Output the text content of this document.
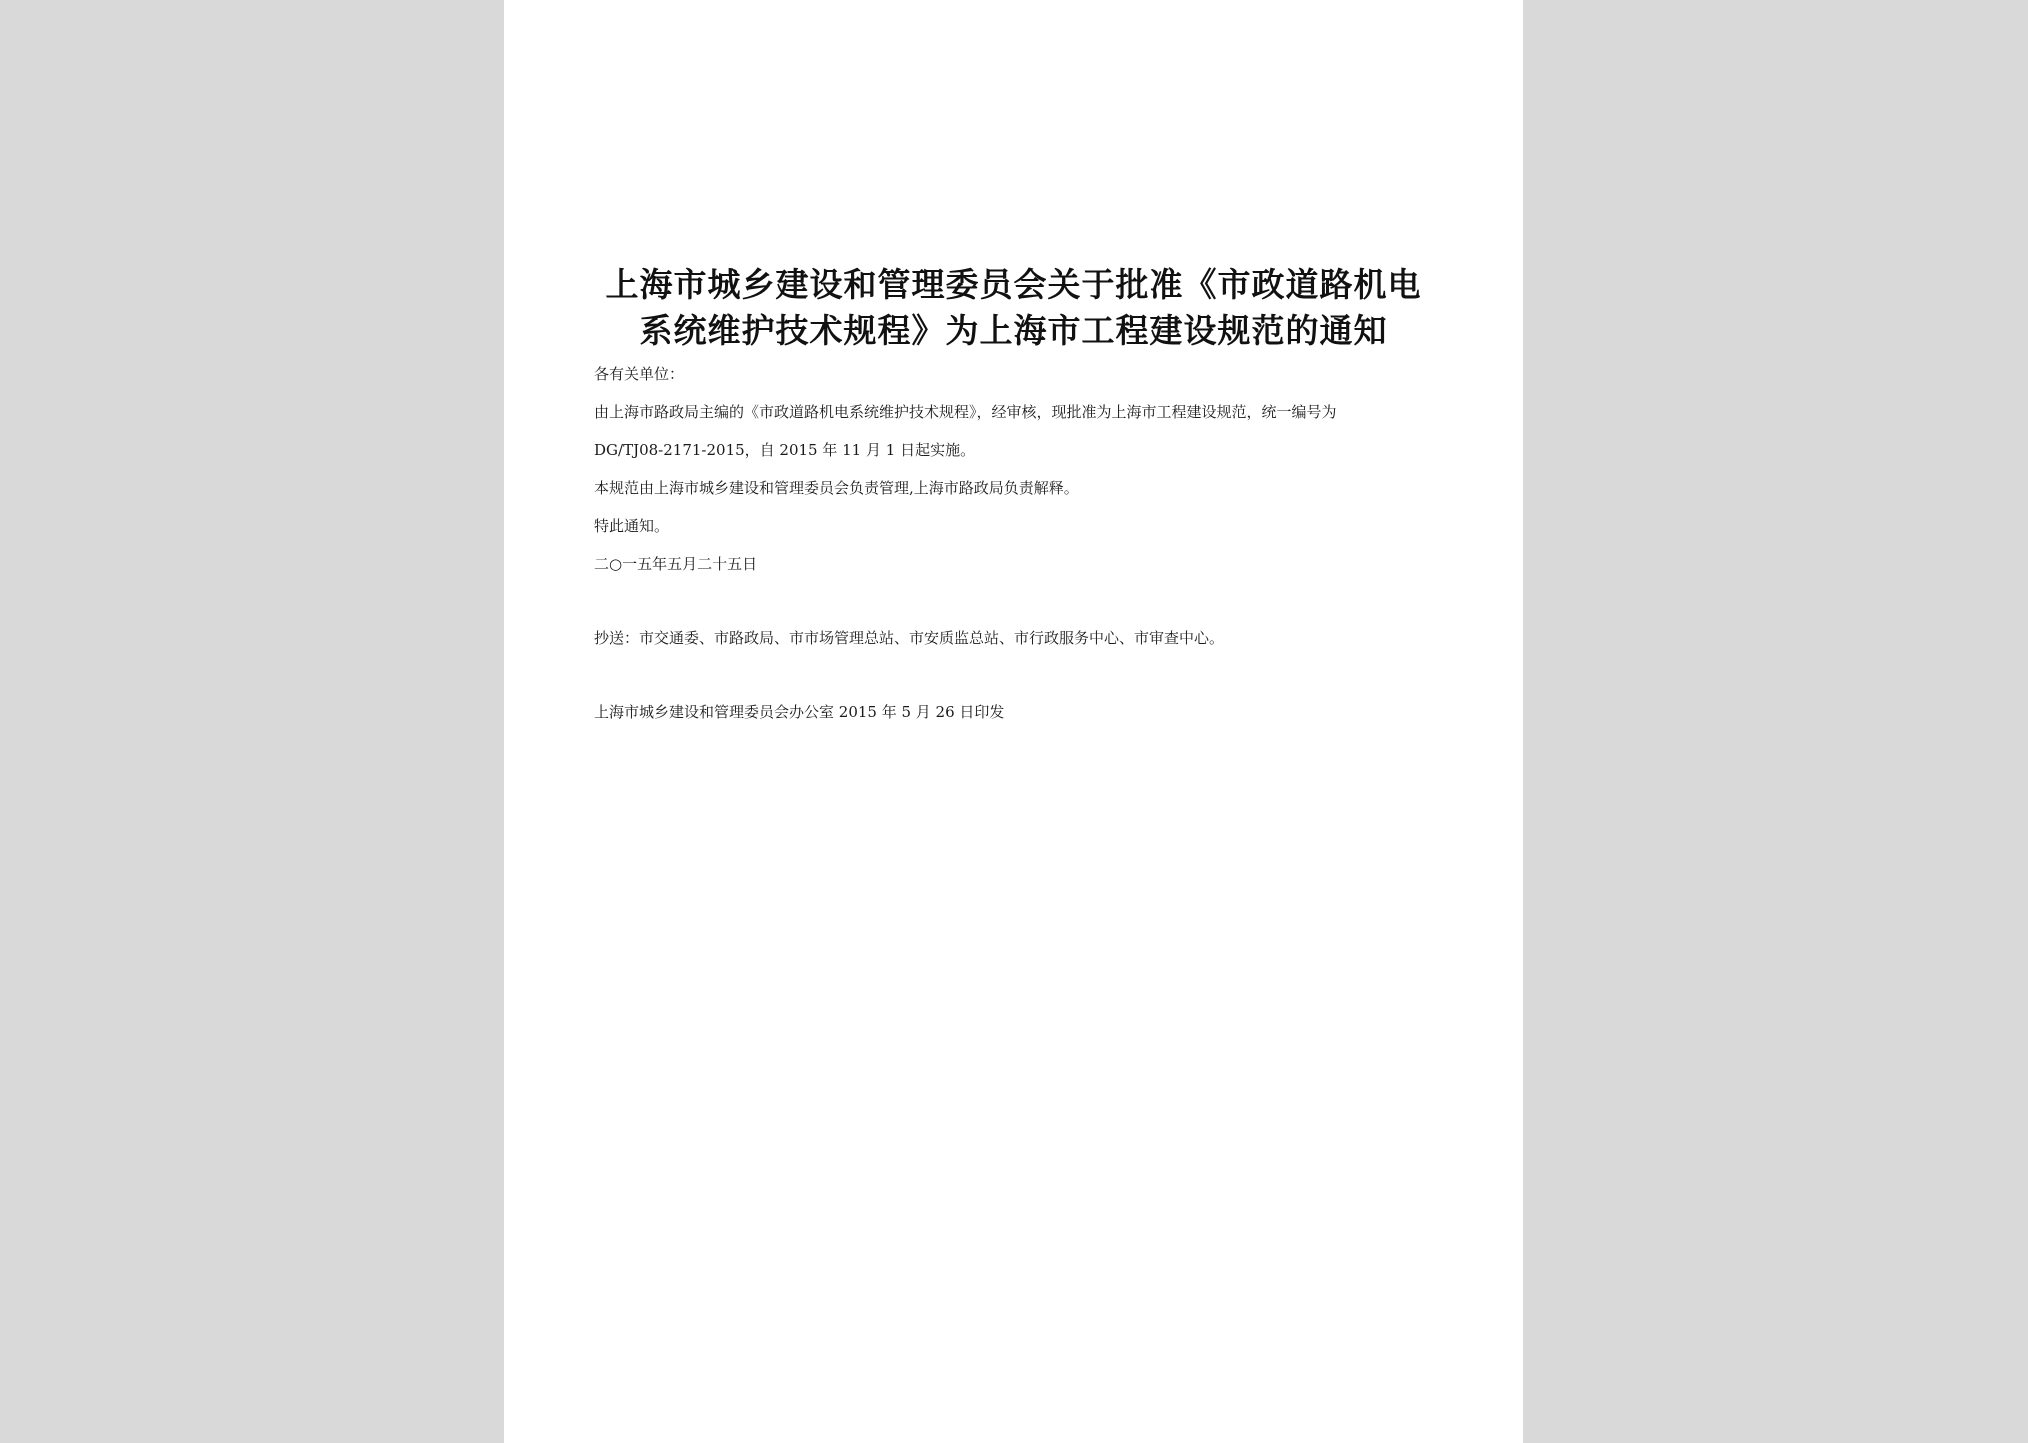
上海市城乡建设和管理委员会关于批准《市政道路机电
系统维护技术规程》为上海市工程建设规范的通知
各有关单位：
由上海市路政局主编的《市政道路机电系统维护技术规程》，经审核，现批准为上海市工程建设规范，统一编号为
DG/TJ08-2171-2015，自 2015 年 11 月 1 日起实施。
本规范由上海市城乡建设和管理委员会负责管理,上海市路政局负责解释。
特此通知。
二○一五年五月二十五日
抄送：市交通委、市路政局、市市场管理总站、市安质监总站、市行政服务中心、市审查中心。
上海市城乡建设和管理委员会办公室 2015 年 5 月 26 日印发
